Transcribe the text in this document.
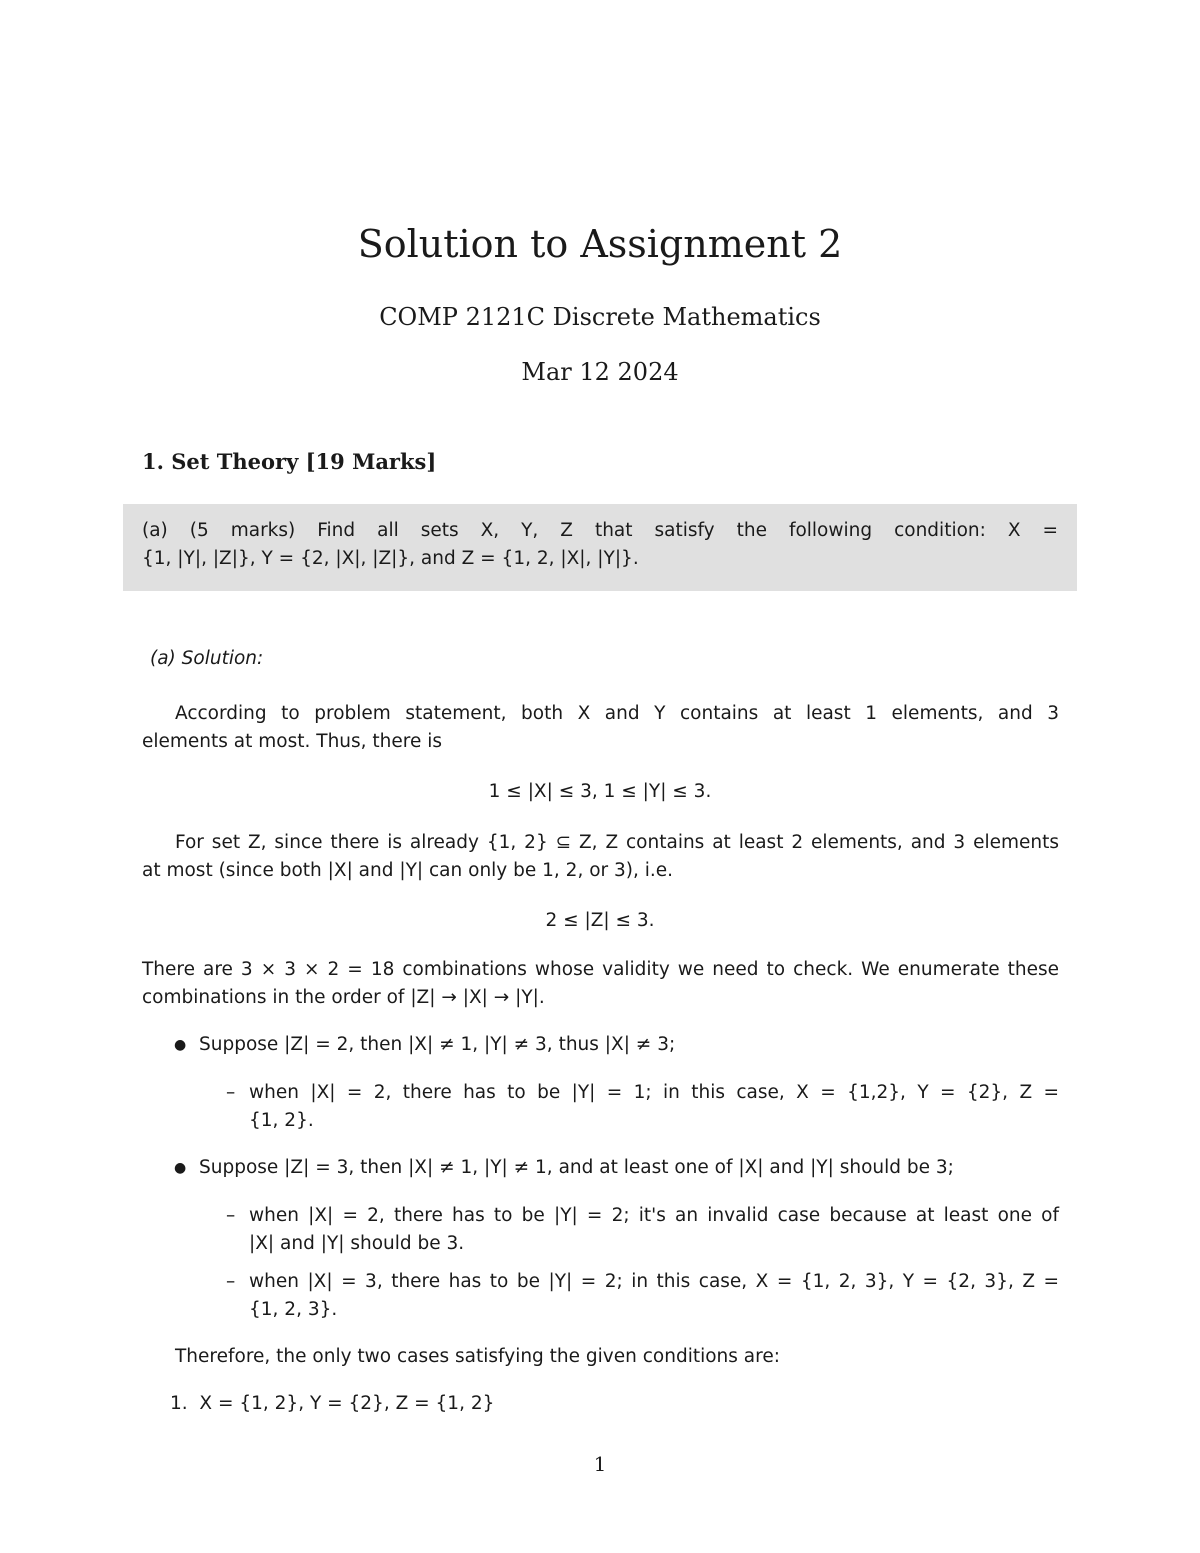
Solution to Assignment 2
COMP 2121C Discrete Mathematics
Mar 12 2024
1. Set Theory [19 Marks]
(a) (5 marks) Find all sets X, Y, Z that satisfy the following condition: X =
{1, |Y|, |Z|}, Y = {2, |X|, |Z|}, and Z = {1, 2, |X|, |Y|}.
(a) Solution:
According to problem statement, both X and Y contains at least 1 elements, and 3
elements at most. Thus, there is
1 ≤ |X| ≤ 3, 1 ≤ |Y| ≤ 3.
For set Z, since there is already {1, 2} ⊆ Z, Z contains at least 2 elements, and 3 elements
at most (since both |X| and |Y| can only be 1, 2, or 3), i.e.
2 ≤ |Z| ≤ 3.
There are 3 × 3 × 2 = 18 combinations whose validity we need to check. We enumerate these
combinations in the order of |Z| → |X| → |Y|.
● Suppose |Z| = 2, then |X| ≠ 1, |Y| ≠ 3, thus |X| ≠ 3;
– when |X| = 2, there has to be |Y| = 1; in this case, X = {1,2}, Y = {2}, Z =
{1, 2}.
● Suppose |Z| = 3, then |X| ≠ 1, |Y| ≠ 1, and at least one of |X| and |Y| should be 3;
– when |X| = 2, there has to be |Y| = 2; it's an invalid case because at least one of
|X| and |Y| should be 3.
– when |X| = 3, there has to be |Y| = 2; in this case, X = {1, 2, 3}, Y = {2, 3}, Z =
{1, 2, 3}.
Therefore, the only two cases satisfying the given conditions are:
1.  X = {1, 2}, Y = {2}, Z = {1, 2}
1
